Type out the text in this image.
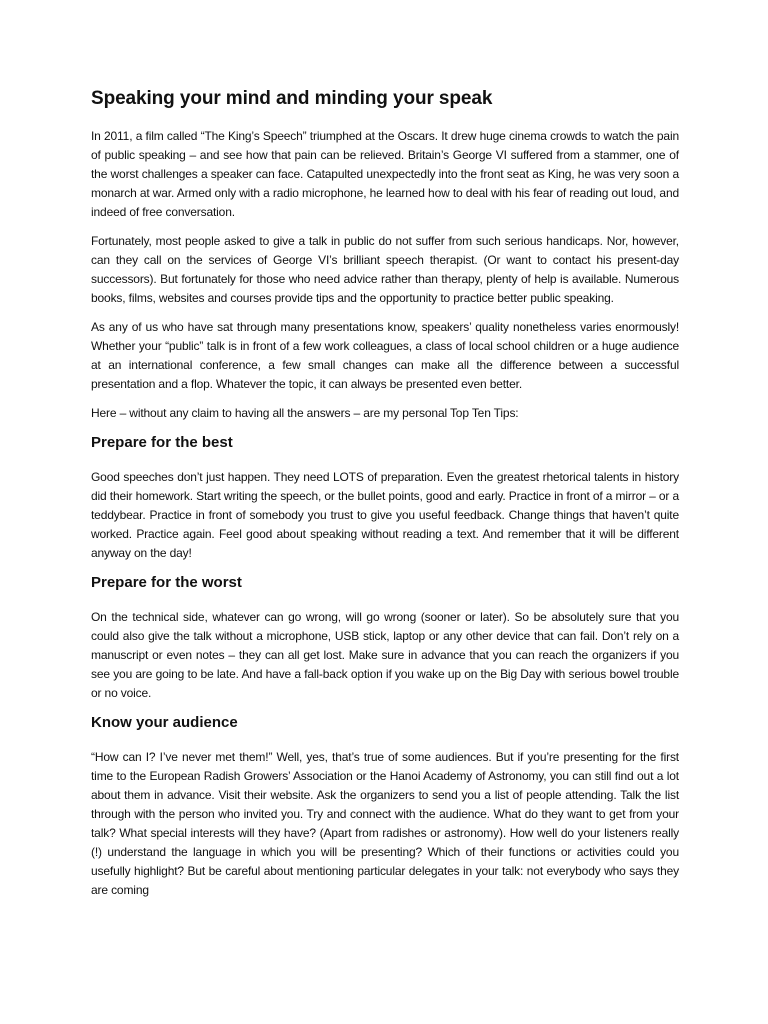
Speaking your mind and minding your speak

In 2011, a film called “The King’s Speech” triumphed at the Oscars. It drew huge cinema crowds to watch the pain of public speaking – and see how that pain can be relieved. Britain’s George VI suffered from a stammer, one of the worst challenges a speaker can face. Catapulted unexpectedly into the front seat as King, he was very soon a monarch at war. Armed only with a radio microphone, he learned how to deal with his fear of reading out loud, and indeed of free conversation.

Fortunately, most people asked to give a talk in public do not suffer from such serious handicaps. Nor, however, can they call on the services of George VI’s brilliant speech therapist. (Or want to contact his present-day successors). But fortunately for those who need advice rather than therapy, plenty of help is available. Numerous books, films, websites and courses provide tips and the opportunity to practice better public speaking.

As any of us who have sat through many presentations know, speakers’ quality nonetheless varies enormously! Whether your “public” talk is in front of a few work colleagues, a class of local school children or a huge audience at an international conference, a few small changes can make all the difference between a successful presentation and a flop. Whatever the topic, it can always be presented even better.

Here – without any claim to having all the answers – are my personal Top Ten Tips:

Prepare for the best

Good speeches don’t just happen. They need LOTS of preparation. Even the greatest rhetorical talents in history did their homework. Start writing the speech, or the bullet points, good and early. Practice in front of a mirror – or a teddybear. Practice in front of somebody you trust to give you useful feedback. Change things that haven’t quite worked. Practice again. Feel good about speaking without reading a text. And remember that it will be different anyway on the day!

Prepare for the worst

On the technical side, whatever can go wrong, will go wrong (sooner or later). So be absolutely sure that you could also give the talk without a microphone, USB stick, laptop or any other device that can fail. Don’t rely on a manuscript or even notes – they can all get lost. Make sure in advance that you can reach the organizers if you see you are going to be late. And have a fall-back option if you wake up on the Big Day with serious bowel trouble or no voice.

Know your audience

“How can I? I’ve never met them!” Well, yes, that’s true of some audiences. But if you’re presenting for the first time to the European Radish Growers’ Association or the Hanoi Academy of Astronomy, you can still find out a lot about them in advance. Visit their website. Ask the organizers to send you a list of people attending. Talk the list through with the person who invited you. Try and connect with the audience. What do they want to get from your talk? What special interests will they have? (Apart from radishes or astronomy). How well do your listeners really (!) understand the language in which you will be presenting? Which of their functions or activities could you usefully highlight? But be careful about mentioning particular delegates in your talk: not everybody who says they are coming
